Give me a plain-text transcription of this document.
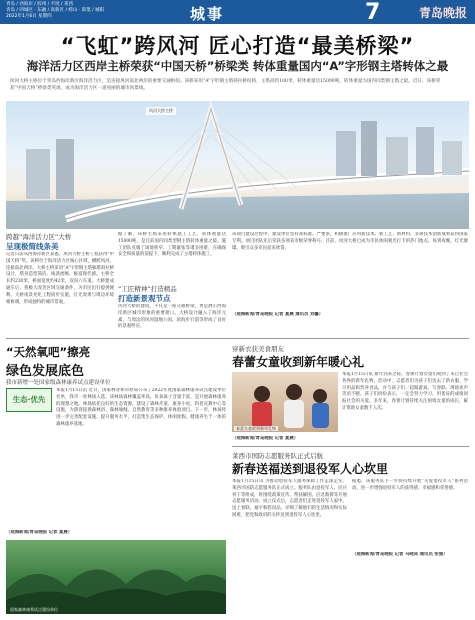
青岛 / 西海岸 / 胶州 / 平度 / 莱西
青岛 / 四城区 · 东融 / 高新区 / 崂山 · 即墨 / 城阳
2022年1月6日 星期四	城事	7	青岛晚报
“飞虹”跨风河 匠心打造“最美桥梁”
海洋活力区西岸主桥荣获“中国天桥”桥梁类 转体重量国内“A”字形钢主塔转体之最
风河大桥主桥位于青岛西海岸新区海洋活力区，是连接风河南北两岸的重要交通枢纽。该桥采用“A”字形钢主塔斜拉桥结构，主塔高约100米，转体重量达15000吨，转体重量为国内同类钢主塔之最。近日，该桥荣获“中国天桥”桥梁类奖项，成为海洋活力区一道亮丽的城市风景线。
风河大桥主桥
跨越“海洋活力区”大桥
呈现极简线条美
记者日前从西海岸新区获悉，风河大桥主桥工程获得“中国天桥”奖。该桥位于海洋活力区核心区域，横跨风河，连接南北两岸。大桥主桥采用“A”字形钢主塔独塔斜拉桥设计，塔身造型简洁，线条流畅，极富现代感。主桥全长约230米，桥面宽度约42米，双向六车道。大桥建成通车后，将极大改善区域交通条件，为市民出行提供便利。大桥夜景亮化工程同步实施，灯光效果与周边环境相协调，形成独特的城市景观。
据了解，该桥主塔采用转体施工工艺，转体重量达15000吨，是目前国内同类型钢主塔转体重量之最。施工团队克服了场地狭窄、工期紧张等诸多困难，在确保安全和质量的前提下，顺利完成了主塔转体施工。
“工匠精神”打造精品
打造新景观节点
风河大桥的建成，不仅是一座交通桥梁，更是展示西海岸新区城市形象的重要窗口。大桥设计融入了海洋元素，与周边的风河湿地公园、滨海步行道等形成了良好的景观呼应。
该项目建设过程中，建设单位坚持高标准、严要求，积极推广应用新技术、新工艺、新材料，多项技术创新成果获得国家专利。项目团队先后荣获多项省市级荣誉称号。目前，风河大桥已成为市民休闲观光打卡的热门地点，每到夜晚，灯光璀璨，吸引众多市民前来欣赏。
（观海新闻/青岛晚报 记者 夏晨 通讯员 刘馨）
“天然氧吧”擦亮
绿色发展底色
我市新增一处国家级森林康养试点建设单位
生态·优先
本报1月15日讯 近日，国家林业和草原局公布了2022年度国家森林康养试点建设单位名单，我市一处林场入选。该林场森林覆盖率高，负氧离子含量丰富，是开展森林康养的理想之地。林场依托良好的生态资源，建设了森林步道、康养小屋、科普宣教中心等设施，为游客提供森林浴、森林瑜伽、自然教育等多种康养体验项目。下一步，林场将进一步完善配套设施，提升服务水平，打造集生态保护、休闲度假、健康养生于一体的森林康养基地。
（观海新闻/青岛晚报 记者 夏晨）
国家森林康养试点建设单位
穿新衣获美食朋友
春蕾女童收到新年暖心礼
春蕾女童收到新年礼物
本报1月15日讯 新年到来之际，春蕾计划女童们收到了来自社会各界的新年礼物。活动中，志愿者们为孩子们送去了新衣服、学习用品和营养食品，并与孩子们一起做游戏、写春联，现场欢声笑语不断。孩子们纷纷表示，一定会努力学习，用优异的成绩回报社会的关爱。多年来，春蕾计划持续关注困境女童的成长，累计资助女童数千人次。
（观海新闻/青岛晚报 记者 夏晨）
莱西市国防志愿服务队正式启航
新春送福送到退役军人心坎里
本报1月15日讯 为推动退役军人服务保障工作走深走实，莱西市国防志愿服务队正式成立。服务队由退役军人、民兵骨干等组成，将围绕政策宣传、帮扶解困、应急救援等开展志愿服务活动。成立仪式后，志愿者们走进退役军人家中，送上春联、福字和慰问品，详细了解他们的生活情况和实际困难，把党和政府的关怀送到退役军人心坎里。
据悉，该服务队下一步将持续开展“关爱退役军人”系列活动，进一步增强退役军人的获得感、幸福感和荣誉感。
（观海新闻/青岛晚报 记者 马晓宾 通讯员 张强）
